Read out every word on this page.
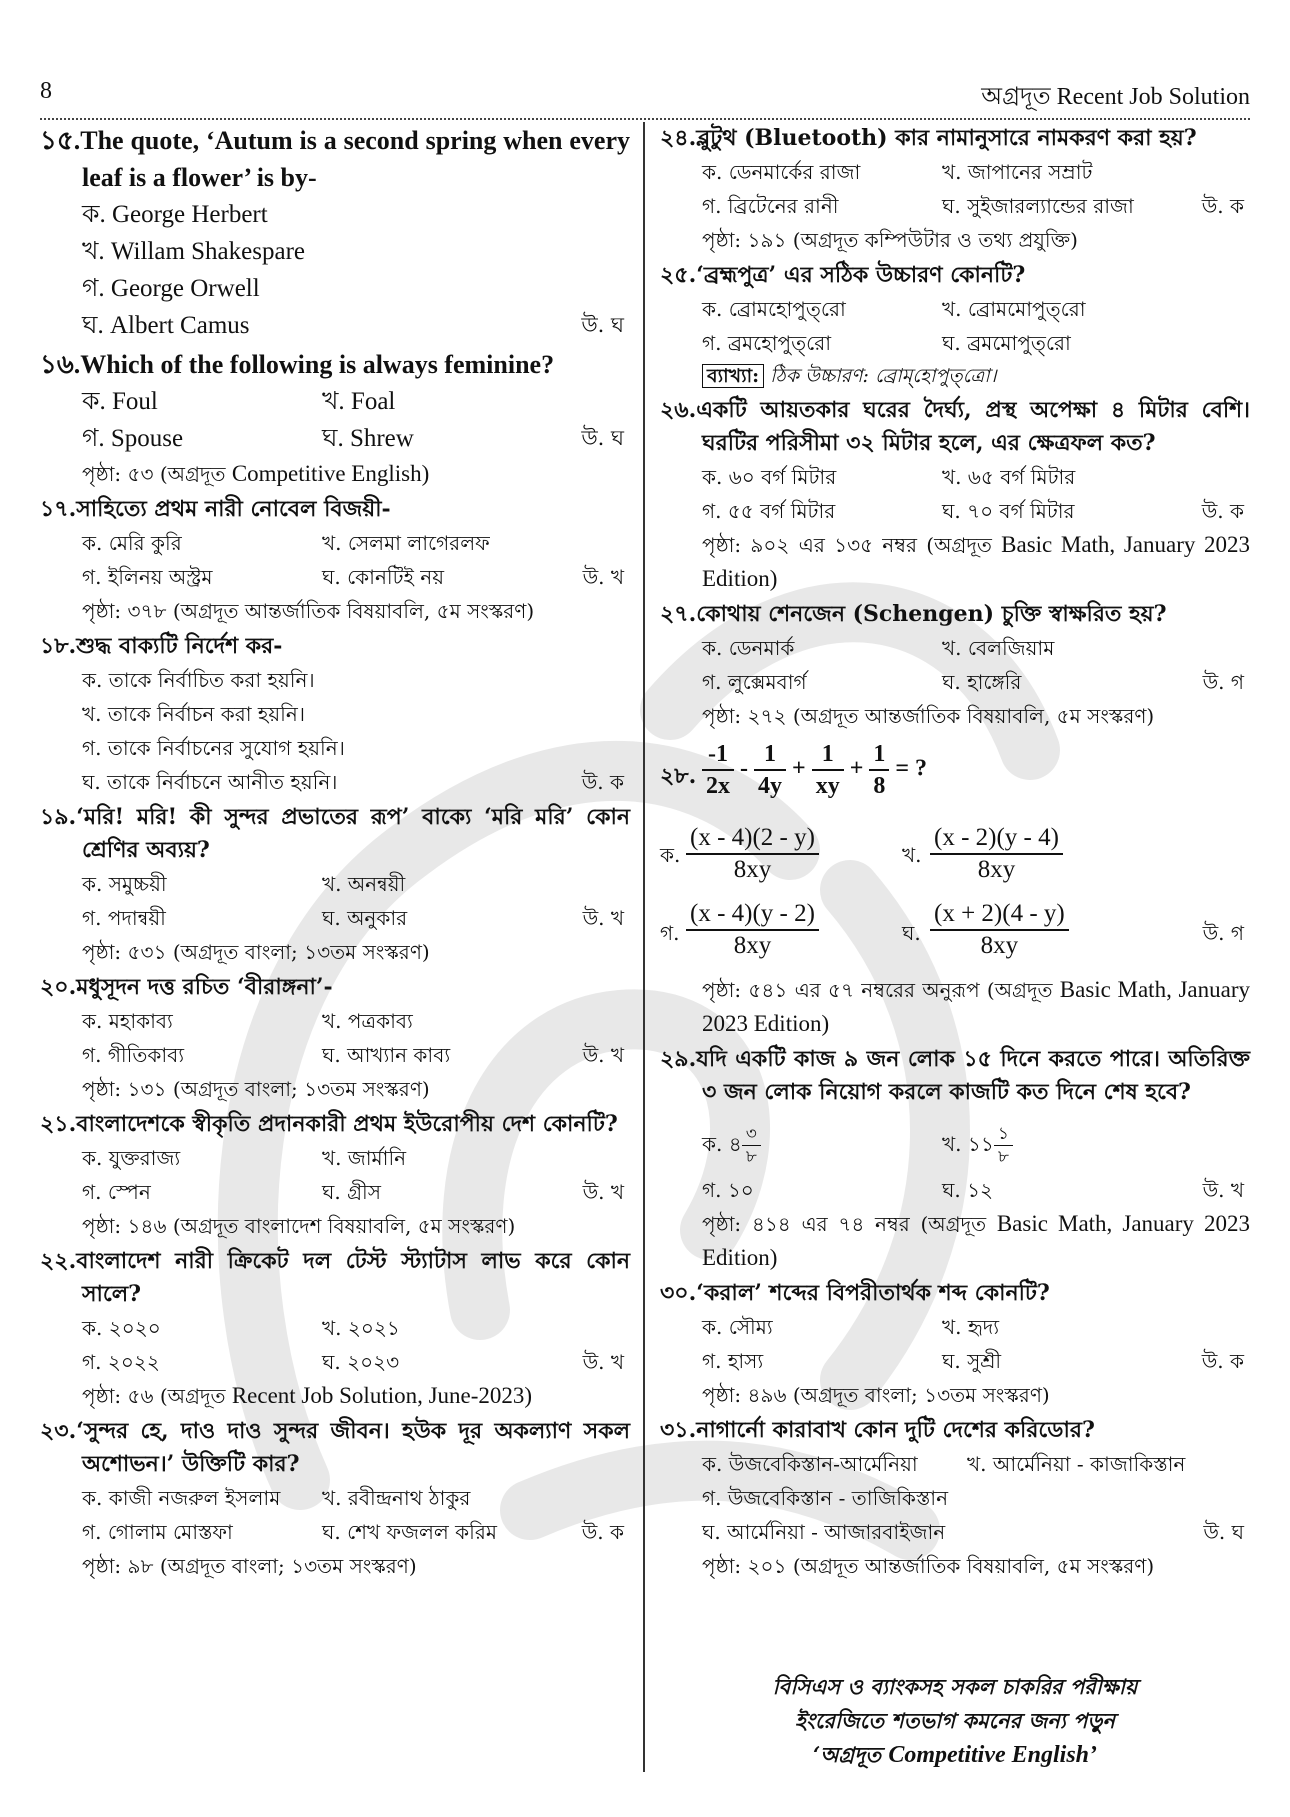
8	অগ্রদূত Recent Job Solution
১৫.The quote, ‘Autum is a second spring when every leaf is a flower’ is by-
ক. George Herbert
খ. Willam Shakespare
গ. George Orwell
ঘ. Albert Camus	উ. ঘ
১৬.Which of the following is always feminine?
ক. Foul	খ. Foal
গ. Spouse	ঘ. Shrew	উ. ঘ
পৃষ্ঠা: ৫৩ (অগ্রদূত Competitive English)
১৭.সাহিত্যে প্রথম নারী নোবেল বিজয়ী-
ক. মেরি কুরি	খ. সেলমা লাগেরলফ
গ. ইলিনয় অস্ট্রম	ঘ. কোনটিই নয়	উ. খ
পৃষ্ঠা: ৩৭৮ (অগ্রদূত আন্তর্জাতিক বিষয়াবলি, ৫ম সংস্করণ)
১৮.শুদ্ধ বাক্যটি নির্দেশ কর-
ক. তাকে নির্বাচিত করা হয়নি।
খ. তাকে নির্বাচন করা হয়নি।
গ. তাকে নির্বাচনের সুযোগ হয়নি।
ঘ. তাকে নির্বাচনে আনীত হয়নি।	উ. ক
১৯.‘মরি! মরি! কী সুন্দর প্রভাতের রূপ’ বাক্যে ‘মরি মরি’ কোন শ্রেণির অব্যয়?
ক. সমুচ্চয়ী	খ. অনন্বয়ী
গ. পদান্বয়ী	ঘ. অনুকার	উ. খ
পৃষ্ঠা: ৫৩১ (অগ্রদূত বাংলা; ১৩তম সংস্করণ)
২০.মধুসূদন দত্ত রচিত ‘বীরাঙ্গনা’-
ক. মহাকাব্য	খ. পত্রকাব্য
গ. গীতিকাব্য	ঘ. আখ্যান কাব্য	উ. খ
পৃষ্ঠা: ১৩১ (অগ্রদূত বাংলা; ১৩তম সংস্করণ)
২১.বাংলাদেশকে স্বীকৃতি প্রদানকারী প্রথম ইউরোপীয় দেশ কোনটি?
ক. যুক্তরাজ্য	খ. জার্মানি
গ. স্পেন	ঘ. গ্রীস	উ. খ
পৃষ্ঠা: ১৪৬ (অগ্রদূত বাংলাদেশ বিষয়াবলি, ৫ম সংস্করণ)
২২.বাংলাদেশ নারী ক্রিকেট দল টেস্ট স্ট্যাটাস লাভ করে কোন সালে?
ক. ২০২০	খ. ২০২১
গ. ২০২২	ঘ. ২০২৩	উ. খ
পৃষ্ঠা: ৫৬ (অগ্রদূত Recent Job Solution, June-2023)
২৩.‘সুন্দর হে, দাও দাও সুন্দর জীবন। হউক দূর অকল্যাণ সকল অশোভন।’ উক্তিটি কার?
ক. কাজী নজরুল ইসলাম খ. রবীন্দ্রনাথ ঠাকুর
গ. গোলাম মোস্তফা	ঘ. শেখ ফজলল করিম	উ. ক
পৃষ্ঠা: ৯৮ (অগ্রদূত বাংলা; ১৩তম সংস্করণ)
২৪.ব্লুটুথ (Bluetooth) কার নামানুসারে নামকরণ করা হয়?
ক. ডেনমার্কের রাজা	খ. জাপানের সম্রাট
গ. ব্রিটেনের রানী	ঘ. সুইজারল্যান্ডের রাজা	উ. ক
পৃষ্ঠা: ১৯১ (অগ্রদূত কম্পিউটার ও তথ্য প্রযুক্তি)
২৫.‘ব্রহ্মপুত্র’ এর সঠিক উচ্চারণ কোনটি?
ক. ব্রোমহোপুত্‌রো	খ. ব্রোমমোপুত্‌রো
গ. ব্রমহোপুত্‌রো	ঘ. ব্রমমোপুত্‌রো
ব্যাখ্যা: ঠিক উচ্চারণ: ব্রোম্‌হোপুত্‌ত্রো।
২৬.একটি আয়তকার ঘরের দৈর্ঘ্য, প্রস্থ অপেক্ষা ৪ মিটার বেশি। ঘরটির পরিসীমা ৩২ মিটার হলে, এর ক্ষেত্রফল কত?
ক. ৬০ বর্গ মিটার	খ. ৬৫ বর্গ মিটার
গ. ৫৫ বর্গ মিটার	ঘ. ৭০ বর্গ মিটার	উ. ক
পৃষ্ঠা: ৯০২ এর ১৩৫ নম্বর (অগ্রদূত Basic Math, January 2023 Edition)
২৭.কোথায় শেনজেন (Schengen) চুক্তি স্বাক্ষরিত হয়?
ক. ডেনমার্ক	খ. বেলজিয়াম
গ. লুক্সেমবার্গ	ঘ. হাঙ্গেরি	উ. গ
পৃষ্ঠা: ২৭২ (অগ্রদূত আন্তর্জাতিক বিষয়াবলি, ৫ম সংস্করণ)
২৮. $\frac{-1}{2x} - \frac{1}{4y} + \frac{1}{xy} + \frac{1}{8}$ = ?
ক. $\frac{(x - 4)(2 - y)}{8xy}$	খ. $\frac{(x - 2)(y - 4)}{8xy}$
গ. $\frac{(x - 4)(y - 2)}{8xy}$	ঘ. $\frac{(x + 2)(4 - y)}{8xy}$	উ. গ
পৃষ্ঠা: ৫৪১ এর ৫৭ নম্বরের অনুরূপ (অগ্রদূত Basic Math, January 2023 Edition)
২৯.যদি একটি কাজ ৯ জন লোক ১৫ দিনে করতে পারে। অতিরিক্ত ৩ জন লোক নিয়োগ করলে কাজটি কত দিনে শেষ হবে?
ক. ৪ $\frac{৩}{৮}$	খ. ১১ $\frac{১}{৮}$
গ. ১০	ঘ. ১২	উ. খ
পৃষ্ঠা: ৪১৪ এর ৭৪ নম্বর (অগ্রদূত Basic Math, January 2023 Edition)
৩০.‘করাল’ শব্দের বিপরীতার্থক শব্দ কোনটি?
ক. সৌম্য	খ. হৃদ্য
গ. হাস্য	ঘ. সুশ্রী	উ. ক
পৃষ্ঠা: ৪৯৬ (অগ্রদূত বাংলা; ১৩তম সংস্করণ)
৩১.নাগার্নো কারাবাখ কোন দুটি দেশের করিডোর?
ক. উজবেকিস্তান-আর্মেনিয়া খ. আর্মেনিয়া - কাজাকিস্তান
গ. উজবেকিস্তান - তাজিকিস্তান
ঘ. আর্মেনিয়া - আজারবাইজান	উ. ঘ
পৃষ্ঠা: ২০১ (অগ্রদূত আন্তর্জাতিক বিষয়াবলি, ৫ম সংস্করণ)
বিসিএস ও ব্যাংকসহ সকল চাকরির পরীক্ষায়
ইংরেজিতে শতভাগ কমনের জন্য পড়ুন
‘অগ্রদূত Competitive English’
